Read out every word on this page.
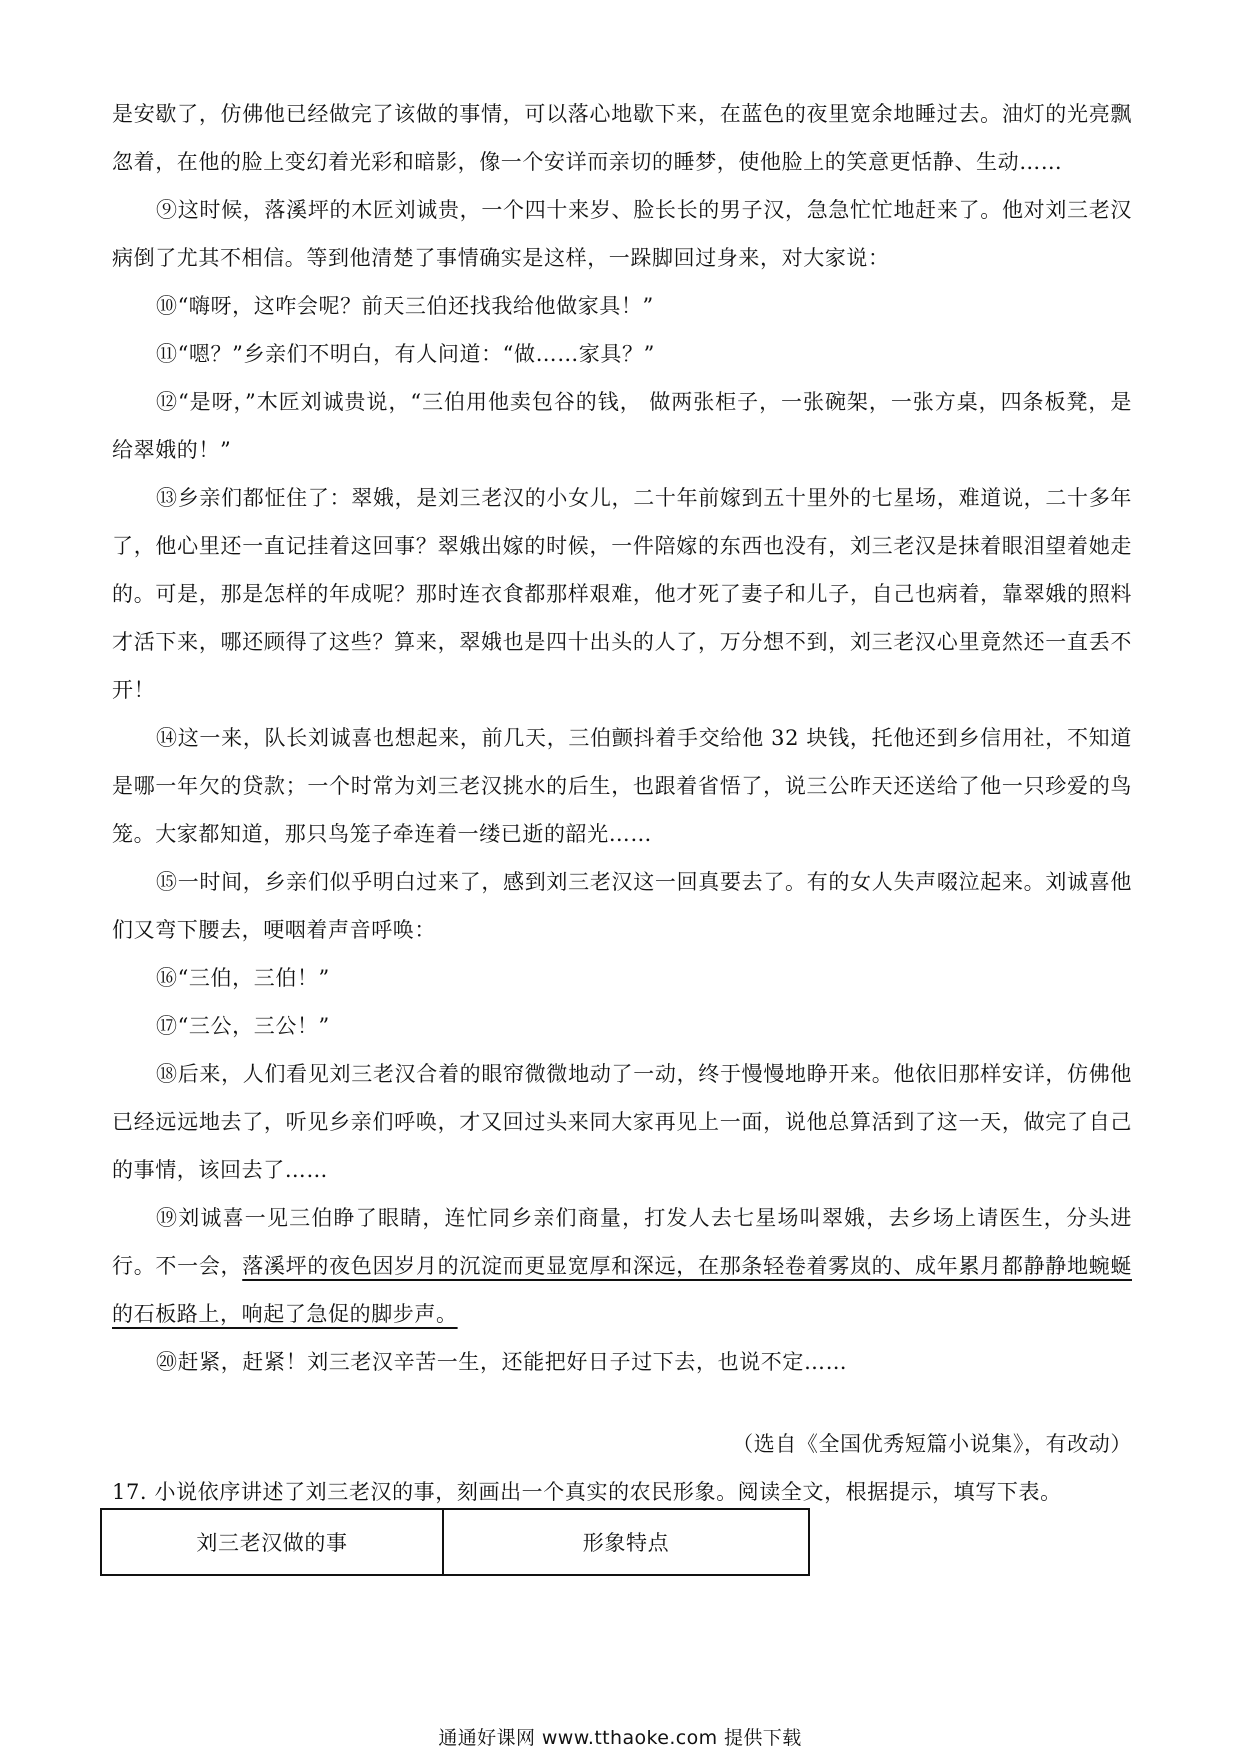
是安歇了，仿佛他已经做完了该做的事情，可以落心地歇下来，在蓝色的夜里宽余地睡过去。油灯的光亮飘忽着，在他的脸上变幻着光彩和暗影，像一个安详而亲切的睡梦，使他脸上的笑意更恬静、生动……

⑨这时候，落溪坪的木匠刘诚贵，一个四十来岁、脸长长的男子汉，急急忙忙地赶来了。他对刘三老汉病倒了尤其不相信。等到他清楚了事情确实是这样，一跺脚回过身来，对大家说：

⑩“嗨呀，这咋会呢？前天三伯还找我给他做家具！”

⑪“嗯？”乡亲们不明白，有人问道：“做……家具？”

⑫“是呀，”木匠刘诚贵说，“三伯用他卖包谷的钱， 做两张柜子，一张碗架，一张方桌，四条板凳，是给翠娥的！”

⑬乡亲们都怔住了：翠娥，是刘三老汉的小女儿，二十年前嫁到五十里外的七星场，难道说，二十多年了，他心里还一直记挂着这回事？翠娥出嫁的时候，一件陪嫁的东西也没有，刘三老汉是抹着眼泪望着她走的。可是，那是怎样的年成呢？那时连衣食都那样艰难，他才死了妻子和儿子，自己也病着，靠翠娥的照料才活下来，哪还顾得了这些？算来，翠娥也是四十出头的人了，万分想不到，刘三老汉心里竟然还一直丢不开！

⑭这一来，队长刘诚喜也想起来，前几天，三伯颤抖着手交给他 32 块钱，托他还到乡信用社，不知道是哪一年欠的贷款；一个时常为刘三老汉挑水的后生，也跟着省悟了，说三公昨天还送给了他一只珍爱的鸟笼。大家都知道，那只鸟笼子牵连着一缕已逝的韶光……

⑮一时间，乡亲们似乎明白过来了，感到刘三老汉这一回真要去了。有的女人失声啜泣起来。刘诚喜他们又弯下腰去，哽咽着声音呼唤：

⑯“三伯，三伯！”

⑰“三公，三公！”

⑱后来，人们看见刘三老汉合着的眼帘微微地动了一动，终于慢慢地睁开来。他依旧那样安详，仿佛他已经远远地去了，听见乡亲们呼唤，才又回过头来同大家再见上一面，说他总算活到了这一天，做完了自己的事情，该回去了……

⑲刘诚喜一见三伯睁了眼睛，连忙同乡亲们商量，打发人去七星场叫翠娥，去乡场上请医生，分头进行。不一会，落溪坪的夜色因岁月的沉淀而更显宽厚和深远，在那条轻卷着雾岚的、成年累月都静静地蜿蜒的石板路上，响起了急促的脚步声。

⑳赶紧，赶紧！刘三老汉辛苦一生，还能把好日子过下去，也说不定……

（选自《全国优秀短篇小说集》，有改动）
17. 小说依序讲述了刘三老汉的事，刻画出一个真实的农民形象。阅读全文，根据提示，填写下表。
刘三老汉做的事	形象特点
通通好课网 www.tthaoke.com 提供下载
